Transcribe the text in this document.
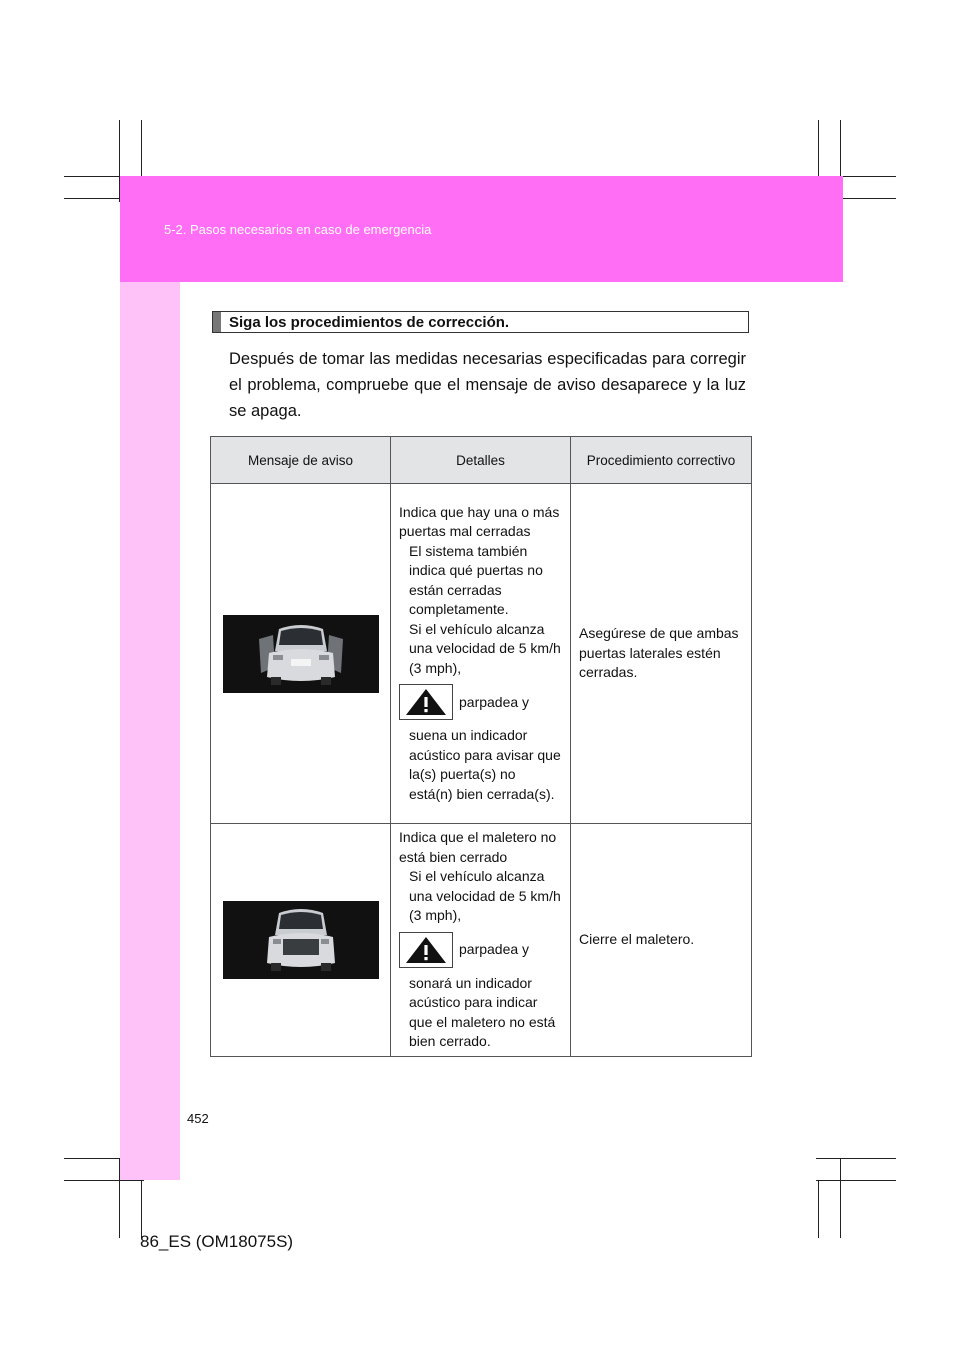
5-2. Pasos necesarios en caso de emergencia
Siga los procedimientos de corrección.
Después de tomar las medidas necesarias especificadas para corregir el problema, compruebe que el mensaje de aviso desaparece y la luz se apaga.
Mensaje de aviso	Detalles	Procedimiento correctivo

Indica que hay una o más puertas mal cerradas
El sistema también indica qué puertas no están cerradas completamente.
Si el vehículo alcanza una velocidad de 5 km/h (3 mph),
parpadea y
suena un indicador acústico para avisar que la(s) puerta(s) no está(n) bien cerrada(s).	Asegúrese de que ambas puertas laterales estén cerradas.

Indica que el maletero no está bien cerrado
Si el vehículo alcanza una velocidad de 5 km/h (3 mph),
parpadea y
sonará un indicador acústico para indicar que el maletero no está bien cerrado.	Cierre el maletero.
452
86_ES (OM18075S)
